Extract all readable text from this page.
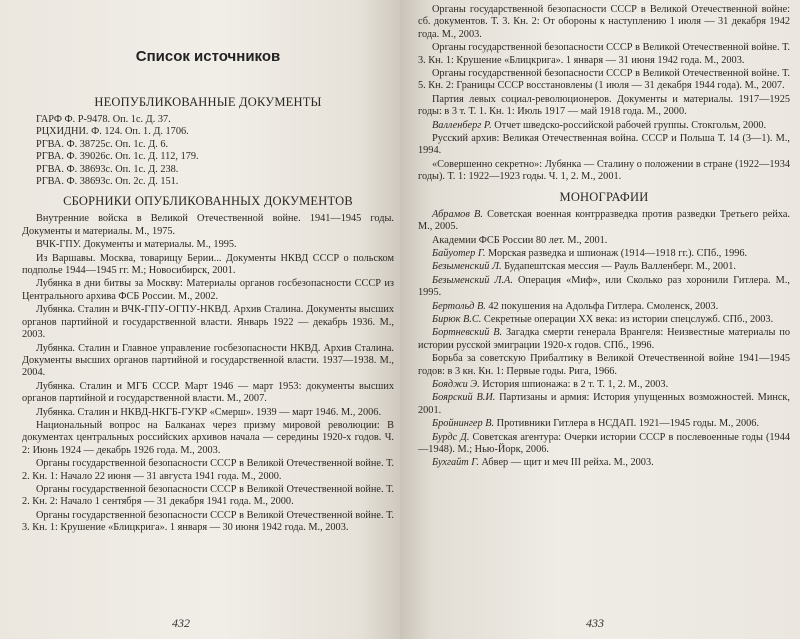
Список источников
НЕОПУБЛИКОВАННЫЕ ДОКУМЕНТЫ
ГАРФ Ф. Р-9478. Оп. 1с. Д. 37.
РЦХИДНИ. Ф. 124. Оп. 1. Д. 1706.
РГВА. Ф. 38725с. Оп. 1с. Д. 6.
РГВА. Ф. 39026с. Оп. 1с. Д. 112, 179.
РГВА. Ф. 38693с. Оп. 1с. Д. 238.
РГВА. Ф. 38693с. Оп. 2с. Д. 151.
СБОРНИКИ ОПУБЛИКОВАННЫХ ДОКУМЕНТОВ
Внутренние войска в Великой Отечественной войне. 1941—1945 годы. Документы и материалы. М., 1975.
ВЧК-ГПУ. Документы и материалы. М., 1995.
Из Варшавы. Москва, товарищу Берии... Документы НКВД СССР о польском подполье 1944—1945 гг. М.; Новосибирск, 2001.
Лубянка в дни битвы за Москву: Материалы органов госбезопасности СССР из Центрального архива ФСБ России. М., 2002.
Лубянка. Сталин и ВЧК-ГПУ-ОГПУ-НКВД. Архив Сталина. Документы высших органов партийной и государственной власти. Январь 1922 — декабрь 1936. М., 2003.
Лубянка. Сталин и Главное управление госбезопасности НКВД. Архив Сталина. Документы высших органов партийной и государственной власти. 1937—1938. М., 2004.
Лубянка. Сталин и МГБ СССР. Март 1946 — март 1953: документы высших органов партийной и государственной власти. М., 2007.
Лубянка. Сталин и НКВД-НКГБ-ГУКР «Смерш». 1939 — март 1946. М., 2006.
Национальный вопрос на Балканах через призму мировой революции: В документах центральных российских архивов начала — середины 1920-х годов. Ч. 2: Июнь 1924 — декабрь 1926 года. М., 2003.
Органы государственной безопасности СССР в Великой Отечественной войне. Т. 2. Кн. 1: Начало 22 июня — 31 августа 1941 года. М., 2000.
Органы государственной безопасности СССР в Великой Отечественной войне. Т. 2. Кн. 2: Начало 1 сентября — 31 декабря 1941 года. М., 2000.
Органы государственной безопасности СССР в Великой Отечественной войне. Т. 3. Кн. 1: Крушение «Блицкрига». 1 января — 30 июня 1942 года. М., 2003.
432
Органы государственной безопасности СССР в Великой Отечественной войне: сб. документов. Т. 3. Кн. 2: От обороны к наступлению 1 июля — 31 декабря 1942 года. М., 2003.
Органы государственной безопасности СССР в Великой Отечественной войне. Т. 3. Кн. 1: Крушение «Блицкрига». 1 января — 31 июня 1942 года. М., 2003.
Органы государственной безопасности СССР в Великой Отечественной войне. Т. 5. Кн. 2: Границы СССР восстановлены (1 июля — 31 декабря 1944 года). М., 2007.
Партия левых социал-революционеров. Документы и материалы. 1917—1925 годы: в 3 т. Т. 1. Кн. 1: Июль 1917 — май 1918 года. М., 2000.
Валленберг Р. Отчет шведско-российской рабочей группы. Стокгольм, 2000.
Русский архив: Великая Отечественная война. СССР и Польша Т. 14 (3—1). М., 1994.
«Совершенно секретно»: Лубянка — Сталину о положении в стране (1922—1934 годы). Т. 1: 1922—1923 годы. Ч. 1, 2. М., 2001.
МОНОГРАФИИ
Абрамов В. Советская военная контрразведка против разведки Третьего рейха. М., 2005.
Академии ФСБ России 80 лет. М., 2001.
Байуотер Г. Морская разведка и шпионаж (1914—1918 гг.). СПб., 1996.
Безыменский Л. Будапештская мессия — Рауль Валленберг. М., 2001.
Безыменский Л.А. Операция «Миф», или Сколько раз хоронили Гитлера. М., 1995.
Бертольд В. 42 покушения на Адольфа Гитлера. Смоленск, 2003.
Бирюк В.С. Секретные операции XX века: из истории спецслужб. СПб., 2003.
Бортневский В. Загадка смерти генерала Врангеля: Неизвестные материалы по истории русской эмиграции 1920-х годов. СПб., 1996.
Борьба за советскую Прибалтику в Великой Отечественной войне 1941—1945 годов: в 3 кн. Кн. 1: Первые годы. Рига, 1966.
Бояджи Э. История шпионажа: в 2 т. Т. 1, 2. М., 2003.
Боярский В.И. Партизаны и армия: История упущенных возможностей. Минск, 2001.
Бройнингер В. Противники Гитлера в НСДАП. 1921—1945 годы. М., 2006.
Бурдс Д. Советская агентура: Очерки истории СССР в послевоенные годы (1944—1948). М.; Нью-Йорк, 2006.
Бухгайт Г. Абвер — щит и меч III рейха. М., 2003.
433
